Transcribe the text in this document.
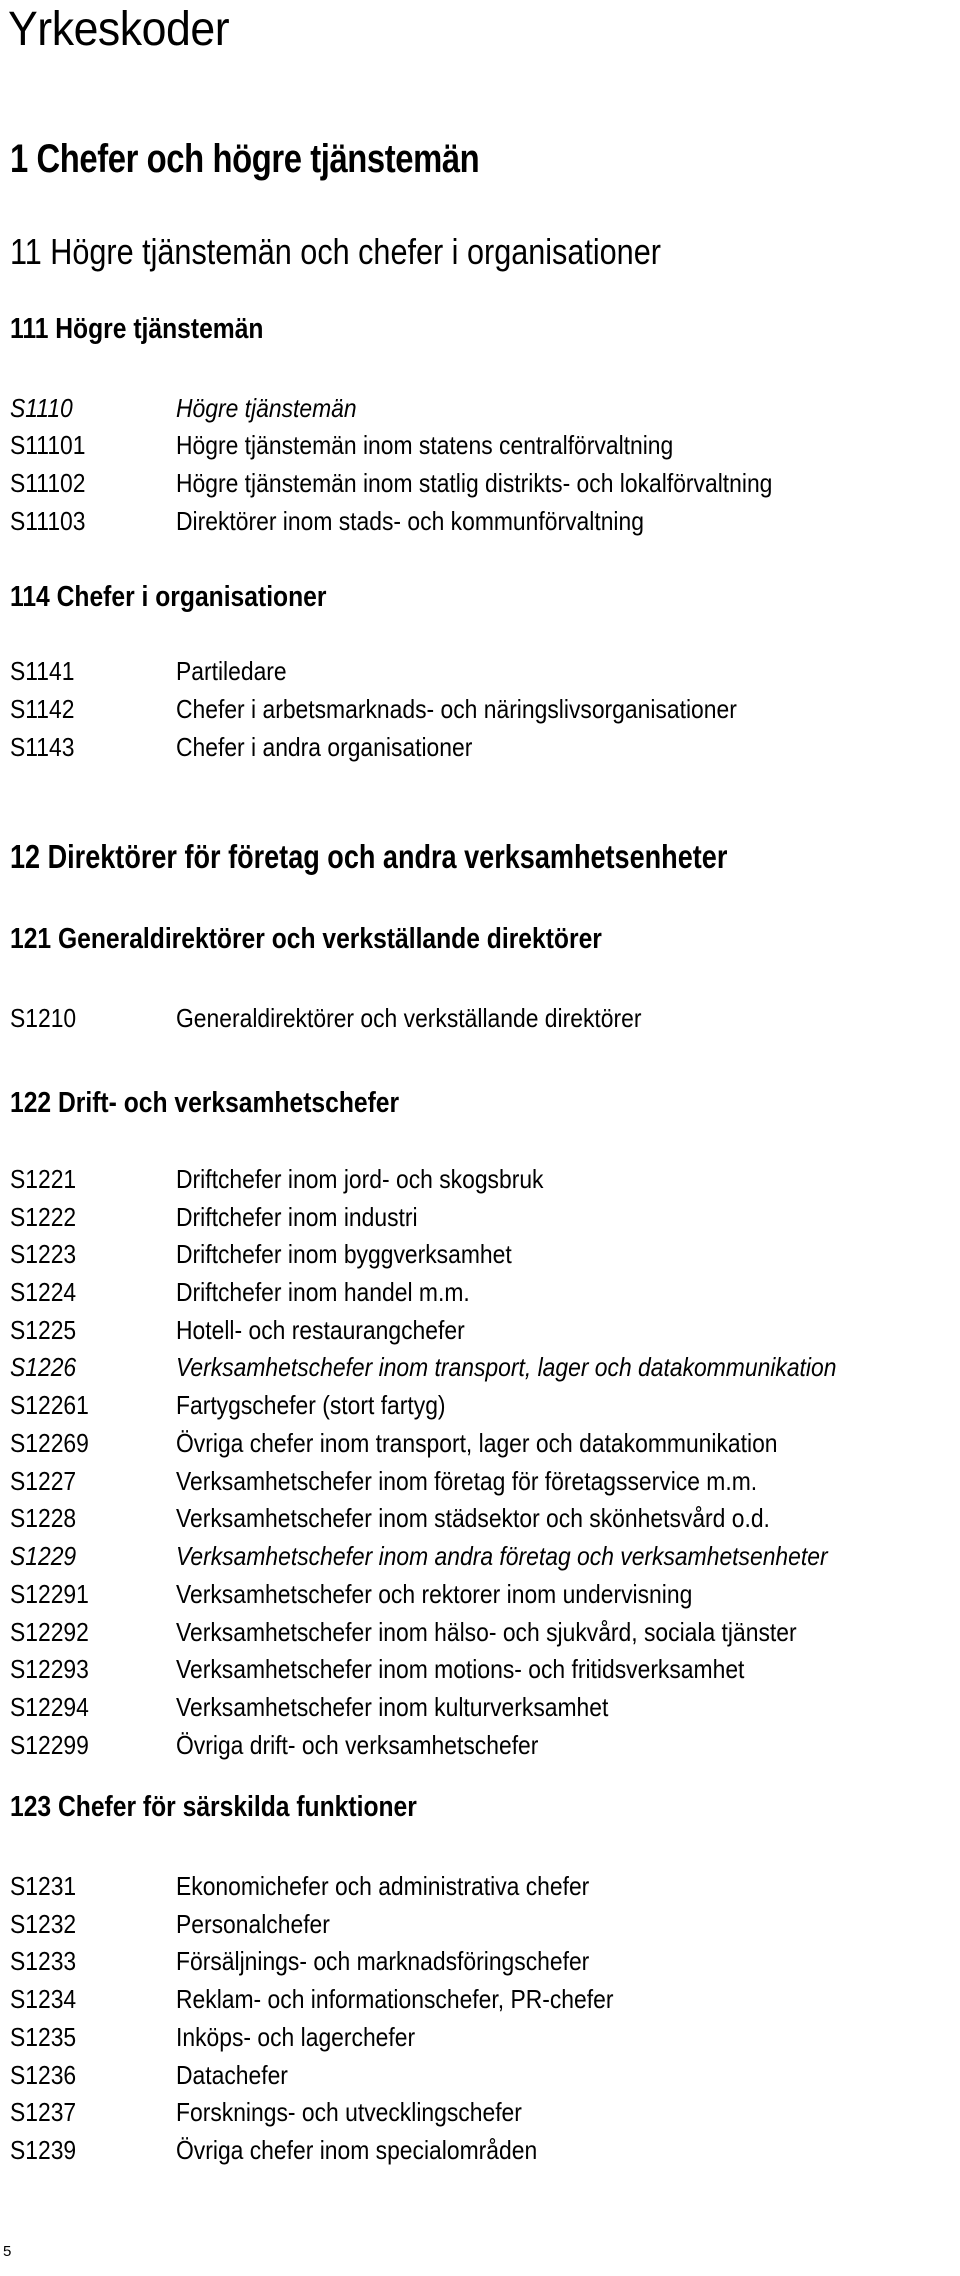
Yrkeskoder
1 Chefer och högre tjänstemän
11 Högre tjänstemän och chefer i organisationer
111 Högre tjänstemän
S1110	Högre tjänstemän
S11101	Högre tjänstemän inom statens centralförvaltning
S11102	Högre tjänstemän inom statlig distrikts- och lokalförvaltning
S11103	Direktörer inom stads- och kommunförvaltning
114 Chefer i organisationer
S1141	Partiledare
S1142	Chefer i arbetsmarknads- och näringslivsorganisationer
S1143	Chefer i andra organisationer
12 Direktörer för företag och andra verksamhetsenheter
121 Generaldirektörer och verkställande direktörer
S1210	Generaldirektörer och verkställande direktörer
122 Drift- och verksamhetschefer
S1221	Driftchefer inom jord- och skogsbruk
S1222	Driftchefer inom industri
S1223	Driftchefer inom byggverksamhet
S1224	Driftchefer inom handel m.m.
S1225	Hotell- och restaurangchefer
S1226	Verksamhetschefer inom transport, lager och datakommunikation
S12261	Fartygschefer (stort fartyg)
S12269	Övriga chefer inom transport, lager och datakommunikation
S1227	Verksamhetschefer inom företag för företagsservice m.m.
S1228	Verksamhetschefer inom städsektor och skönhetsvård o.d.
S1229	Verksamhetschefer inom andra företag och verksamhetsenheter
S12291	Verksamhetschefer och rektorer inom undervisning
S12292	Verksamhetschefer inom hälso- och sjukvård, sociala tjänster
S12293	Verksamhetschefer inom motions- och fritidsverksamhet
S12294	Verksamhetschefer inom kulturverksamhet
S12299	Övriga drift- och verksamhetschefer
123 Chefer för särskilda funktioner
S1231	Ekonomichefer och administrativa chefer
S1232	Personalchefer
S1233	Försäljnings- och marknadsföringschefer
S1234	Reklam- och informationschefer, PR-chefer
S1235	Inköps- och lagerchefer
S1236	Datachefer
S1237	Forsknings- och utvecklingschefer
S1239	Övriga chefer inom specialområden
5
